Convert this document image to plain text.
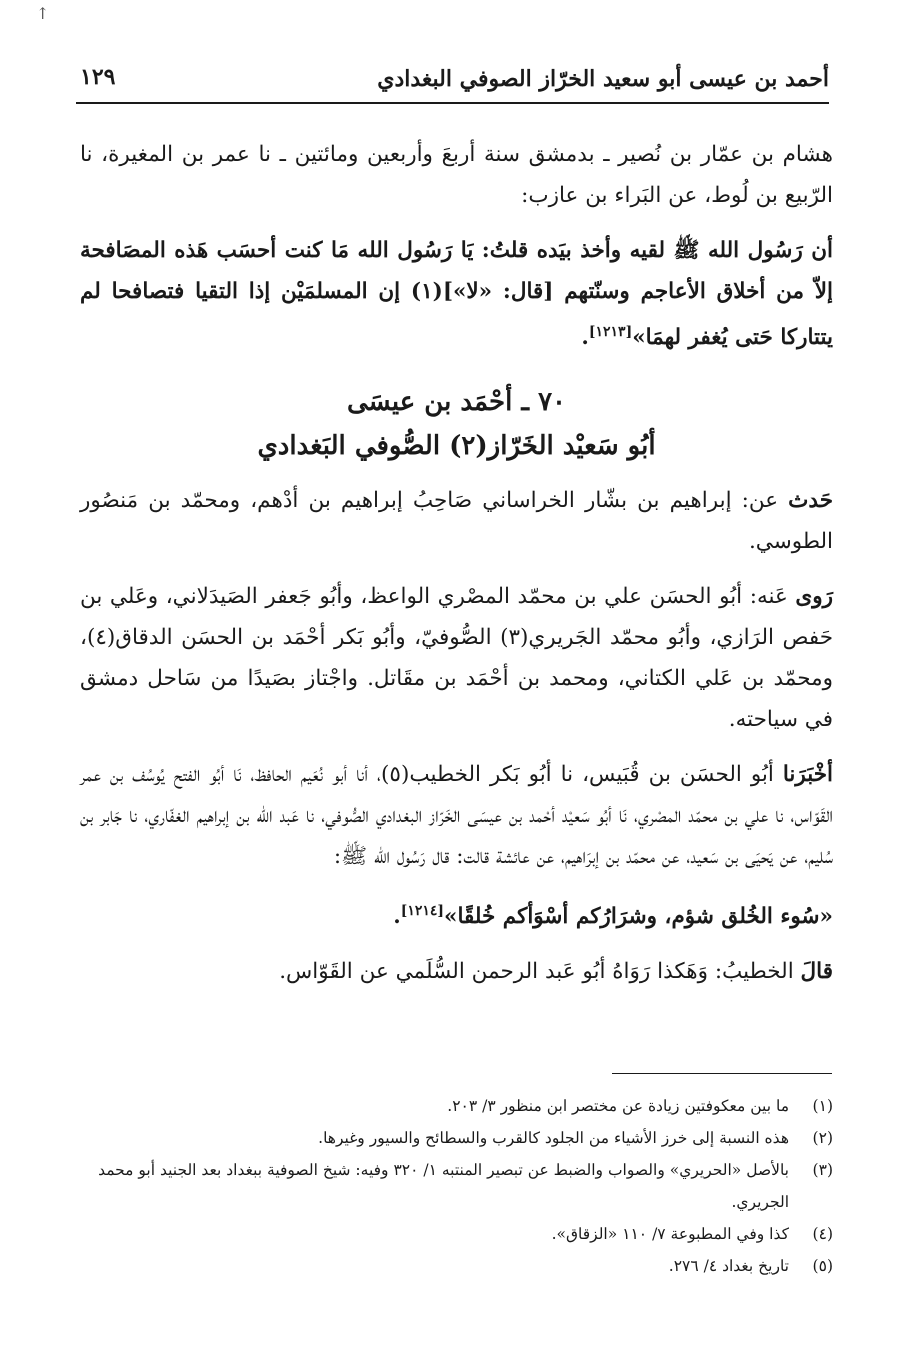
↑
أحمد بن عيسى أبو سعيد الخرّاز الصوفي البغدادي
١٢٩

هشام بن عمّار بن نُصير ـ بدمشق سنة أربعَ وأربعين ومائتين ـ نا عمر بن المغيرة، نا الرّبيع بن لُوط، عن البَراء بن عازب:

أن رَسُول الله ﷺ لقيه وأخذ بيَده قلتُ: يَا رَسُول الله مَا كنت أحسَب هَذه المصَافحة إلاّ من أخلاق الأعاجم وسنّتهم [قال: «لا»](١) إن المسلمَيْن إذا التقيا فتصافحا لم يتتاركا حَتى يُغفر لهمَا»[١٢١٣].

٧٠ ـ أحْمَد بن عيسَى
أبُو سَعيْد الخَرّاز(٢) الصُّوفي البَغدادي

حَدث عن: إبراهيم بن بشّار الخراساني صَاحِبُ إبراهيم بن أدْهم، ومحمّد بن مَنصُور الطوسي.

رَوى عَنه: أبُو الحسَن علي بن محمّد المصْري الواعظ، وأبُو جَعفر الصَيدَلاني، وعَلي بن حَفص الرَازي، وأبُو محمّد الجَريري(٣) الصُّوفيّ، وأبُو بَكر أحْمَد بن الحسَن الدقاق(٤)، ومحمّد بن عَلي الكتاني، ومحمد بن أحْمَد بن مقَاتل. واجْتاز بصَيدًا من سَاحل دمشق في سياحته.

أخْبَرَنا أبُو الحسَن بن قُبَيس، نا أبُو بَكر الخطيب(٥)، أنا أبو نُعَيم الحافظ، نَا أبُو الفتح يُوسُف بن عمر القَوّاس، نا علي بن محمّد المصْري، نَا أبُو سَعيْد أحْمد بن عيسَى الخَرّاز البغدادي الصُّوفي، نا عَبد اللّه بن إبراهيم الغفّاري، نا جَابر بن سُليم، عن يَحيَى بن سَعيد، عن محمّد بن إبرَاهيم، عن عائشة قالت: قال رَسُول الله ﷺ:

«سُوء الخُلق شؤم، وشرَارُكم أسْوَأكم خُلقًا»[١٢١٤].

قالَ الخطيبُ: وَهَكذا رَوَاهُ أبُو عَبد الرحمن السُّلَمي عن القَوّاس.

(١)
ما بين معكوفتين زيادة عن مختصر ابن منظور ٣/ ٢٠٣.
(٢)
هذه النسبة إلى خرز الأشياء من الجلود كالقرب والسطائح والسيور وغيرها.
(٣)
بالأصل «الحريري» والصواب والضبط عن تبصير المنتبه ١/ ٣٢٠ وفيه: شيخ الصوفية ببغداد بعد الجنيد أبو محمد الجريري.
(٤)
كذا وفي المطبوعة ٧/ ١١٠ «الزقاق».
(٥)
تاريخ بغداد ٤/ ٢٧٦.
